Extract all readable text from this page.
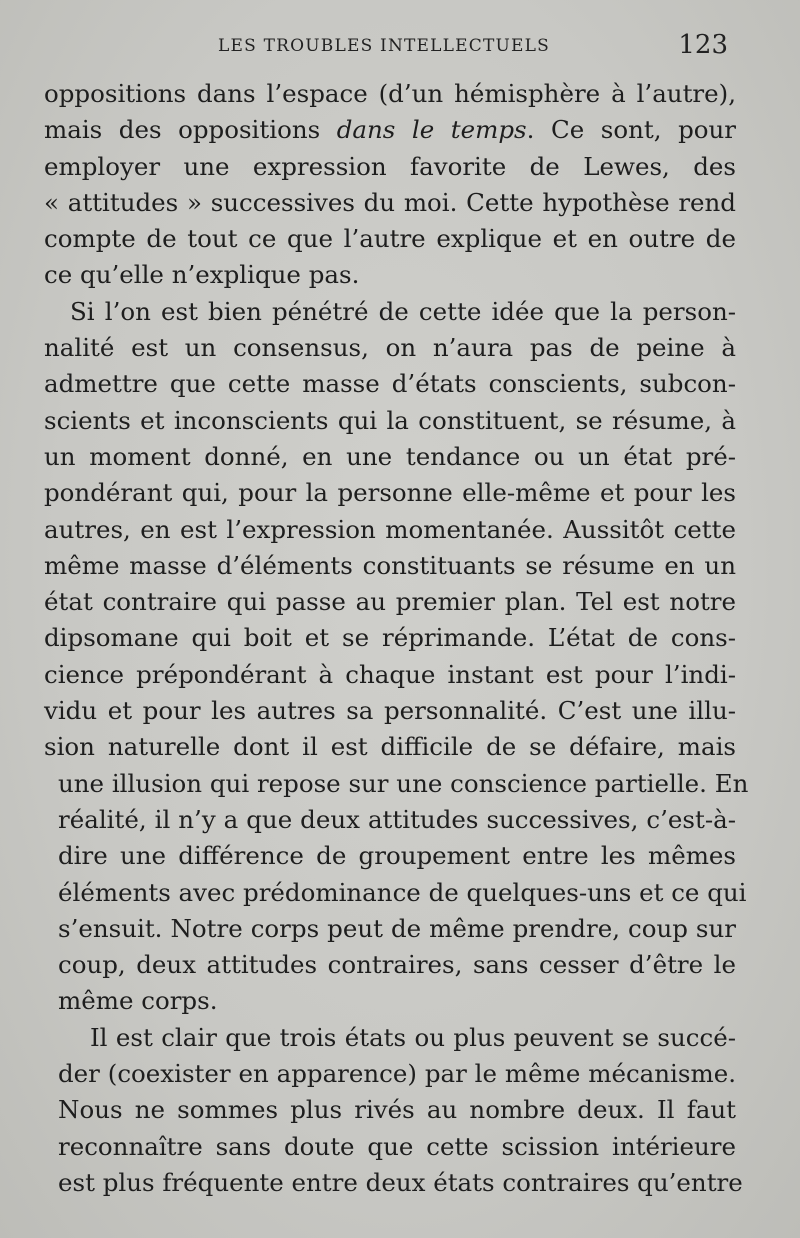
LES TROUBLES INTELLECTUELS	123

oppositions dans l’espace (d’un hémisphère à l’autre),
mais des oppositions dans le temps. Ce sont, pour
employer une expression favorite de Lewes, des
« attitudes » successives du moi. Cette hypothèse rend
compte de tout ce que l’autre explique et en outre de
ce qu’elle n’explique pas.

Si l’on est bien pénétré de cette idée que la person-
nalité est un consensus, on n’aura pas de peine à
admettre que cette masse d’états conscients, subcon-
scients et inconscients qui la constituent, se résume, à
un moment donné, en une tendance ou un état pré-
pondérant qui, pour la personne elle-même et pour les
autres, en est l’expression momentanée. Aussitôt cette
même masse d’éléments constituants se résume en un
état contraire qui passe au premier plan. Tel est notre
dipsomane qui boit et se réprimande. L’état de cons-
cience prépondérant à chaque instant est pour l’indi-
vidu et pour les autres sa personnalité. C’est une illu-
sion naturelle dont il est difficile de se défaire, mais
une illusion qui repose sur une conscience partielle. En
réalité, il n’y a que deux attitudes successives, c’est-à-
dire une différence de groupement entre les mêmes
éléments avec prédominance de quelques-uns et ce qui
s’ensuit. Notre corps peut de même prendre, coup sur
coup, deux attitudes contraires, sans cesser d’être le
même corps.

Il est clair que trois états ou plus peuvent se succé-
der (coexister en apparence) par le même mécanisme.
Nous ne sommes plus rivés au nombre deux. Il faut
reconnaître sans doute que cette scission intérieure
est plus fréquente entre deux états contraires qu’entre
